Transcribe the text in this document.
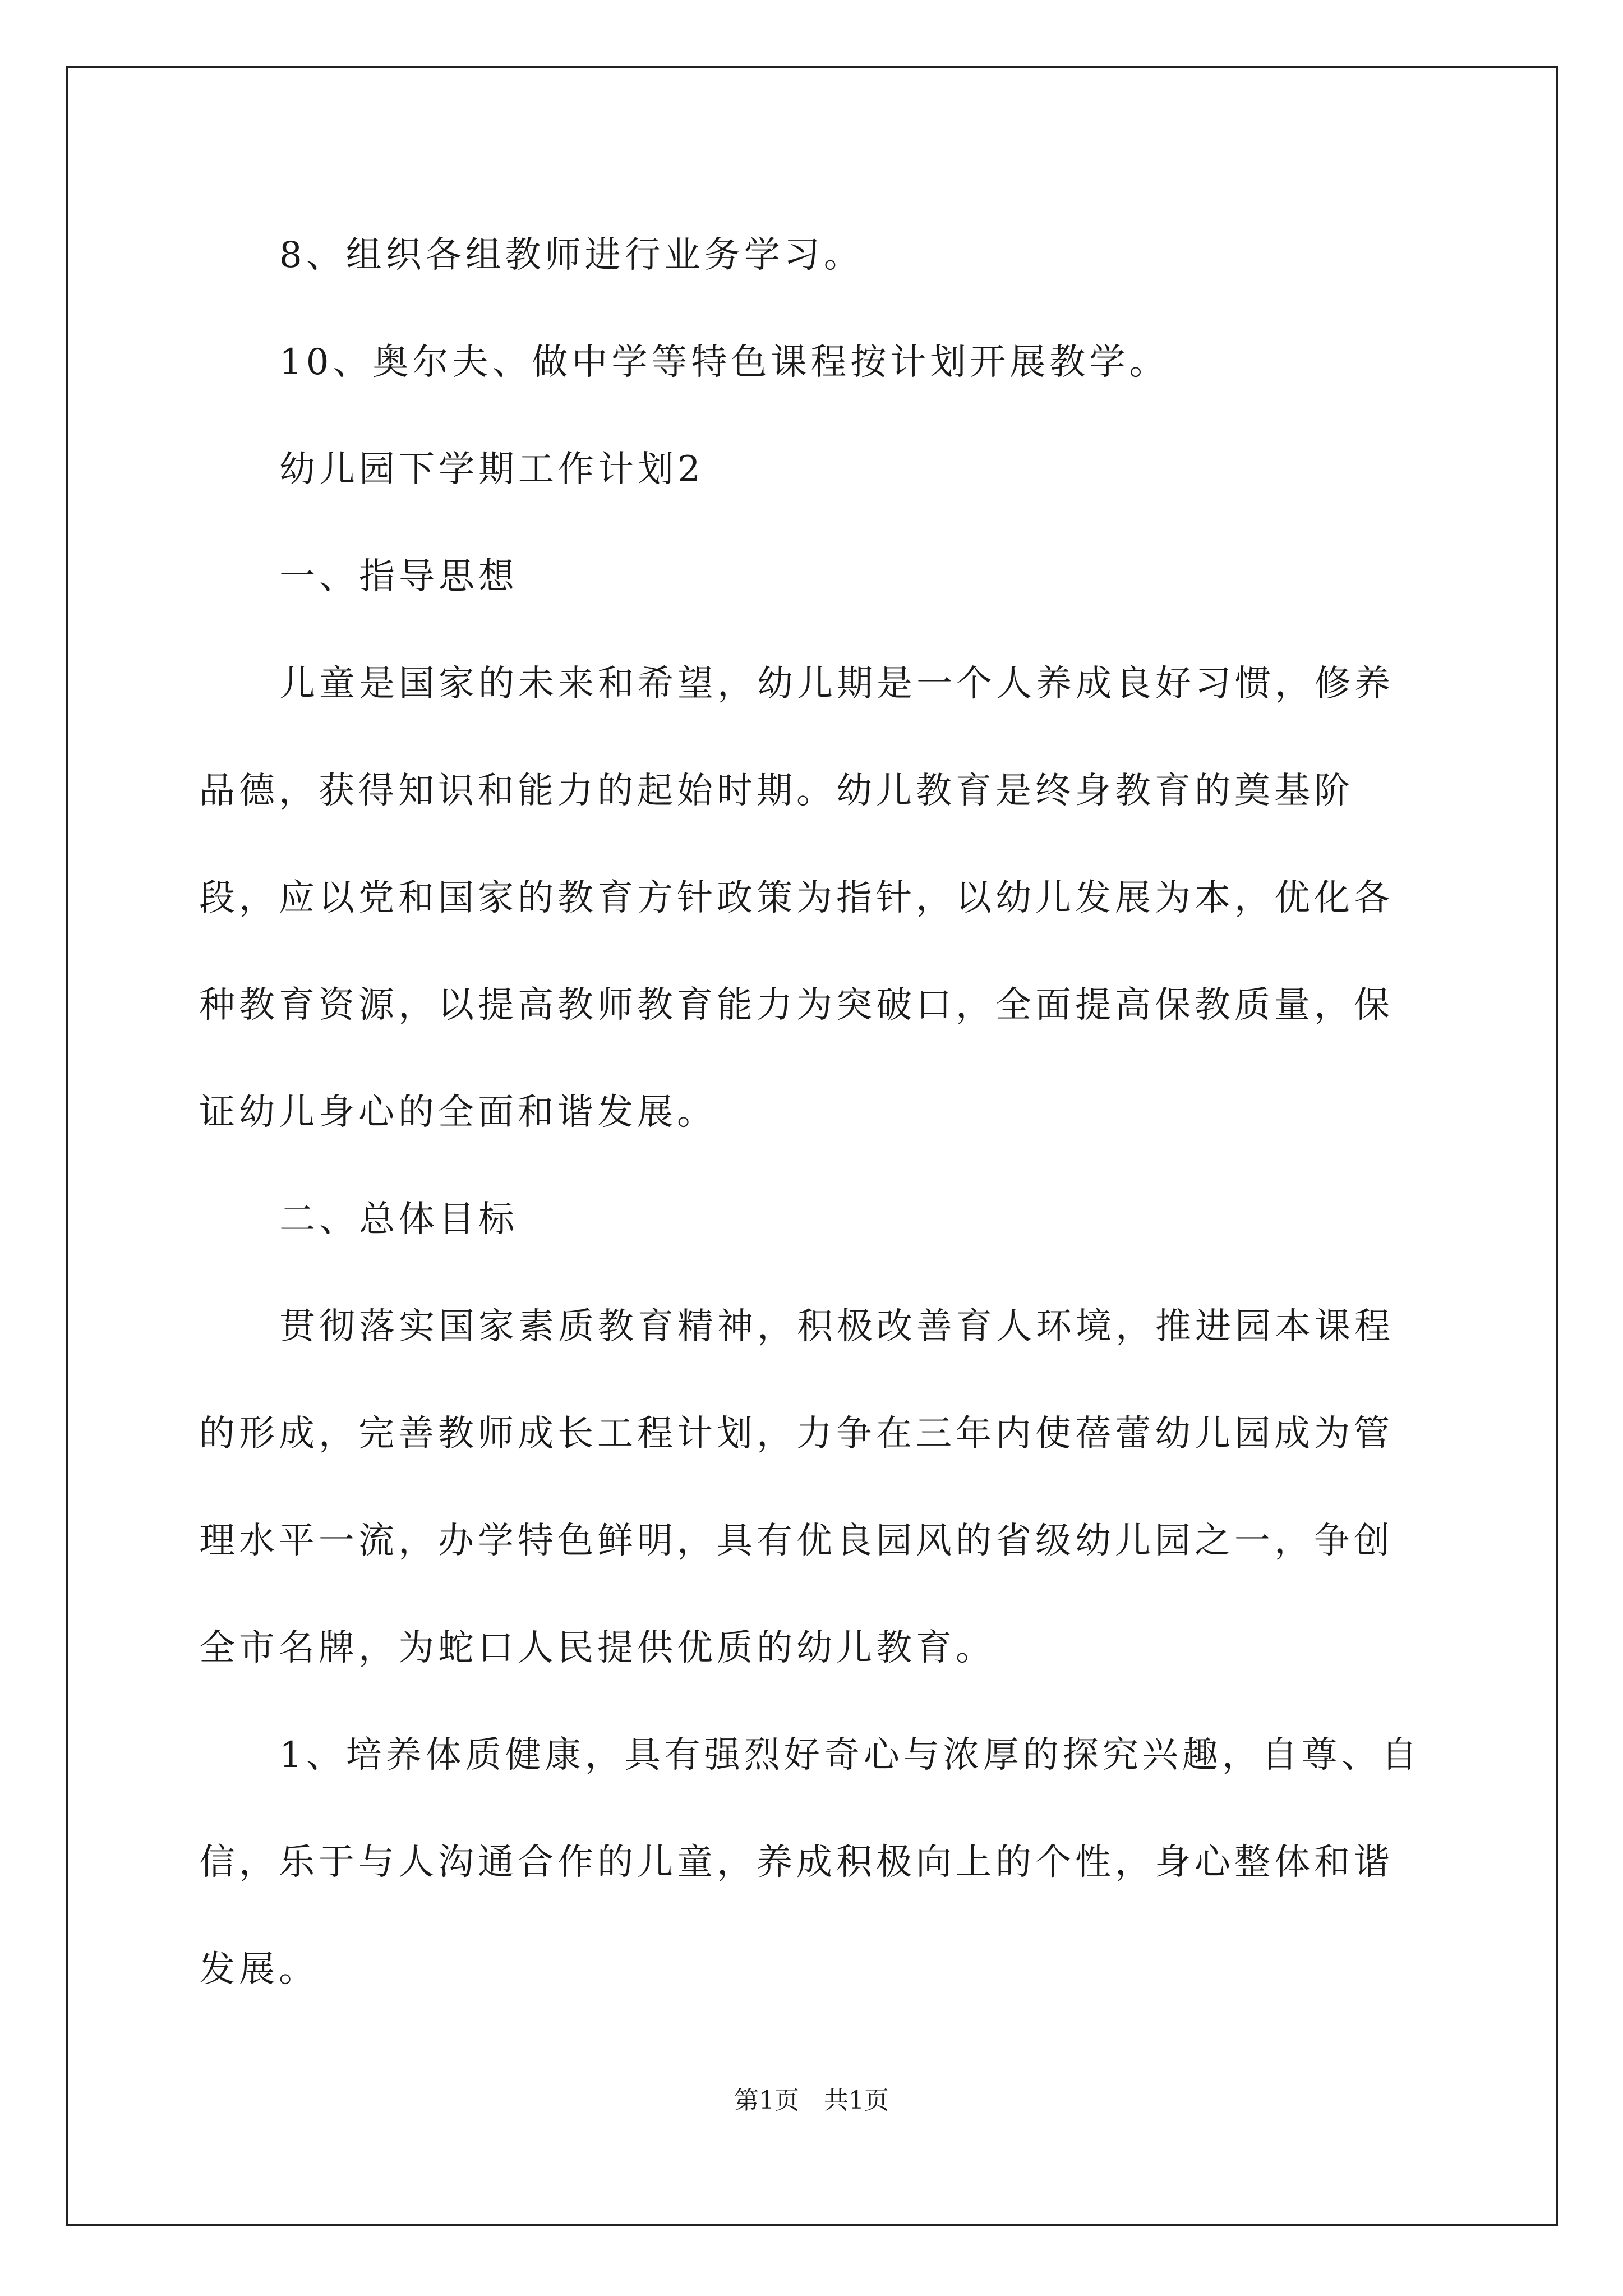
8、组织各组教师进行业务学习。

10、奥尔夫、做中学等特色课程按计划开展教学。

幼儿园下学期工作计划2

一、指导思想

儿童是国家的未来和希望，幼儿期是一个人养成良好习惯，修养品德，获得知识和能力的起始时期。幼儿教育是终身教育的奠基阶段，应以党和国家的教育方针政策为指针，以幼儿发展为本，优化各种教育资源，以提高教师教育能力为突破口，全面提高保教质量，保证幼儿身心的全面和谐发展。

二、总体目标

贯彻落实国家素质教育精神，积极改善育人环境，推进园本课程的形成，完善教师成长工程计划，力争在三年内使蓓蕾幼儿园成为管理水平一流，办学特色鲜明，具有优良园风的省级幼儿园之一，争创全市名牌，为蛇口人民提供优质的幼儿教育。

1、培养体质健康，具有强烈好奇心与浓厚的探究兴趣，自尊、自信，乐于与人沟通合作的儿童，养成积极向上的个性，身心整体和谐发展。

第1页　共1页
